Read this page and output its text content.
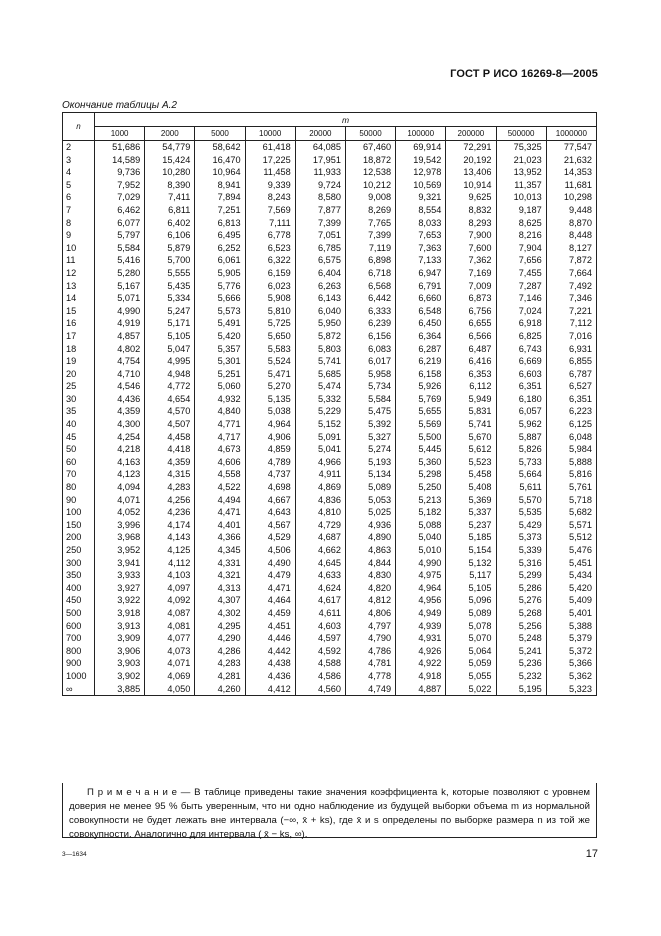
ГОСТ Р ИСО 16269-8—2005
Окончание таблицы А.2
n	m									
	1000	2000	5000	10000	20000	50000	100000	200000	500000	1000000
2	51,686	54,779	58,642	61,418	64,085	67,460	69,914	72,291	75,325	77,547
3	14,589	15,424	16,470	17,225	17,951	18,872	19,542	20,192	21,023	21,632
4	9,736	10,280	10,964	11,458	11,933	12,538	12,978	13,406	13,952	14,353
5	7,952	8,390	8,941	9,339	9,724	10,212	10,569	10,914	11,357	11,681
6	7,029	7,411	7,894	8,243	8,580	9,008	9,321	9,625	10,013	10,298
7	6,462	6,811	7,251	7,569	7,877	8,269	8,554	8,832	9,187	9,448
8	6,077	6,402	6,813	7,111	7,399	7,765	8,033	8,293	8,625	8,870
9	5,797	6,106	6,495	6,778	7,051	7,399	7,653	7,900	8,216	8,448
10	5,584	5,879	6,252	6,523	6,785	7,119	7,363	7,600	7,904	8,127
11	5,416	5,700	6,061	6,322	6,575	6,898	7,133	7,362	7,656	7,872
12	5,280	5,555	5,905	6,159	6,404	6,718	6,947	7,169	7,455	7,664
13	5,167	5,435	5,776	6,023	6,263	6,568	6,791	7,009	7,287	7,492
14	5,071	5,334	5,666	5,908	6,143	6,442	6,660	6,873	7,146	7,346
15	4,990	5,247	5,573	5,810	6,040	6,333	6,548	6,756	7,024	7,221
16	4,919	5,171	5,491	5,725	5,950	6,239	6,450	6,655	6,918	7,112
17	4,857	5,105	5,420	5,650	5,872	6,156	6,364	6,566	6,825	7,016
18	4,802	5,047	5,357	5,583	5,803	6,083	6,287	6,487	6,743	6,931
19	4,754	4,995	5,301	5,524	5,741	6,017	6,219	6,416	6,669	6,855
20	4,710	4,948	5,251	5,471	5,685	5,958	6,158	6,353	6,603	6,787
25	4,546	4,772	5,060	5,270	5,474	5,734	5,926	6,112	6,351	6,527
30	4,436	4,654	4,932	5,135	5,332	5,584	5,769	5,949	6,180	6,351
35	4,359	4,570	4,840	5,038	5,229	5,475	5,655	5,831	6,057	6,223
40	4,300	4,507	4,771	4,964	5,152	5,392	5,569	5,741	5,962	6,125
45	4,254	4,458	4,717	4,906	5,091	5,327	5,500	5,670	5,887	6,048
50	4,218	4,418	4,673	4,859	5,041	5,274	5,445	5,612	5,826	5,984
60	4,163	4,359	4,606	4,789	4,966	5,193	5,360	5,523	5,733	5,888
70	4,123	4,315	4,558	4,737	4,911	5,134	5,298	5,458	5,664	5,816
80	4,094	4,283	4,522	4,698	4,869	5,089	5,250	5,408	5,611	5,761
90	4,071	4,256	4,494	4,667	4,836	5,053	5,213	5,369	5,570	5,718
100	4,052	4,236	4,471	4,643	4,810	5,025	5,182	5,337	5,535	5,682
150	3,996	4,174	4,401	4,567	4,729	4,936	5,088	5,237	5,429	5,571
200	3,968	4,143	4,366	4,529	4,687	4,890	5,040	5,185	5,373	5,512
250	3,952	4,125	4,345	4,506	4,662	4,863	5,010	5,154	5,339	5,476
300	3,941	4,112	4,331	4,490	4,645	4,844	4,990	5,132	5,316	5,451
350	3,933	4,103	4,321	4,479	4,633	4,830	4,975	5,117	5,299	5,434
400	3,927	4,097	4,313	4,471	4,624	4,820	4,964	5,105	5,286	5,420
450	3,922	4,092	4,307	4,464	4,617	4,812	4,956	5,096	5,276	5,409
500	3,918	4,087	4,302	4,459	4,611	4,806	4,949	5,089	5,268	5,401
600	3,913	4,081	4,295	4,451	4,603	4,797	4,939	5,078	5,256	5,388
700	3,909	4,077	4,290	4,446	4,597	4,790	4,931	5,070	5,248	5,379
800	3,906	4,073	4,286	4,442	4,592	4,786	4,926	5,064	5,241	5,372
900	3,903	4,071	4,283	4,438	4,588	4,781	4,922	5,059	5,236	5,366
1000	3,902	4,069	4,281	4,436	4,586	4,778	4,918	5,055	5,232	5,362
∞	3,885	4,050	4,260	4,412	4,560	4,749	4,887	5,022	5,195	5,323

П р и м е ч а н и е — В таблице приведены такие значения коэффициента k, которые позволяют с уровнем доверия не менее 95 % быть уверенным, что ни одно наблюдение из будущей выборки объема m из нормальной совокупности не будет лежать вне интервала (−∞, x̄ + ks), где x̄ и s определены по выборке размера n из той же совокупности. Аналогично для интервала ( x̄ − ks, ∞).

3—1634	17
